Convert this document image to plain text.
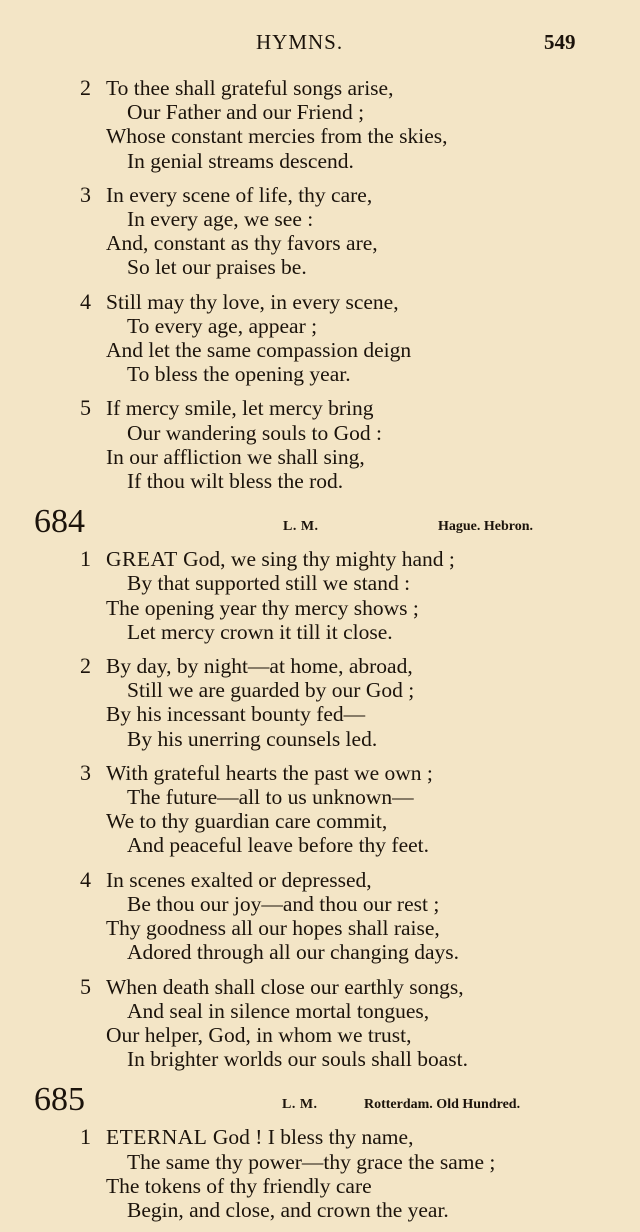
HYMNS.	549
2 To thee shall grateful songs arise,
Our Father and our Friend ;
Whose constant mercies from the skies,
In genial streams descend.
3 In every scene of life, thy care,
In every age, we see :
And, constant as thy favors are,
So let our praises be.
4 Still may thy love, in every scene,
To every age, appear ;
And let the same compassion deign
To bless the opening year.
5 If mercy smile, let mercy bring
Our wandering souls to God :
In our affliction we shall sing,
If thou wilt bless the rod.
684	L. M.	Hague. Hebron.
1 GREAT God, we sing thy mighty hand ;
By that supported still we stand :
The opening year thy mercy shows ;
Let mercy crown it till it close.
2 By day, by night—at home, abroad,
Still we are guarded by our God ;
By his incessant bounty fed—
By his unerring counsels led.
3 With grateful hearts the past we own ;
The future—all to us unknown—
We to thy guardian care commit,
And peaceful leave before thy feet.
4 In scenes exalted or depressed,
Be thou our joy—and thou our rest ;
Thy goodness all our hopes shall raise,
Adored through all our changing days.
5 When death shall close our earthly songs,
And seal in silence mortal tongues,
Our helper, God, in whom we trust,
In brighter worlds our souls shall boast.
685	L. M.	Rotterdam. Old Hundred.
1 ETERNAL God ! I bless thy name,
The same thy power—thy grace the same ;
The tokens of thy friendly care
Begin, and close, and crown the year.
